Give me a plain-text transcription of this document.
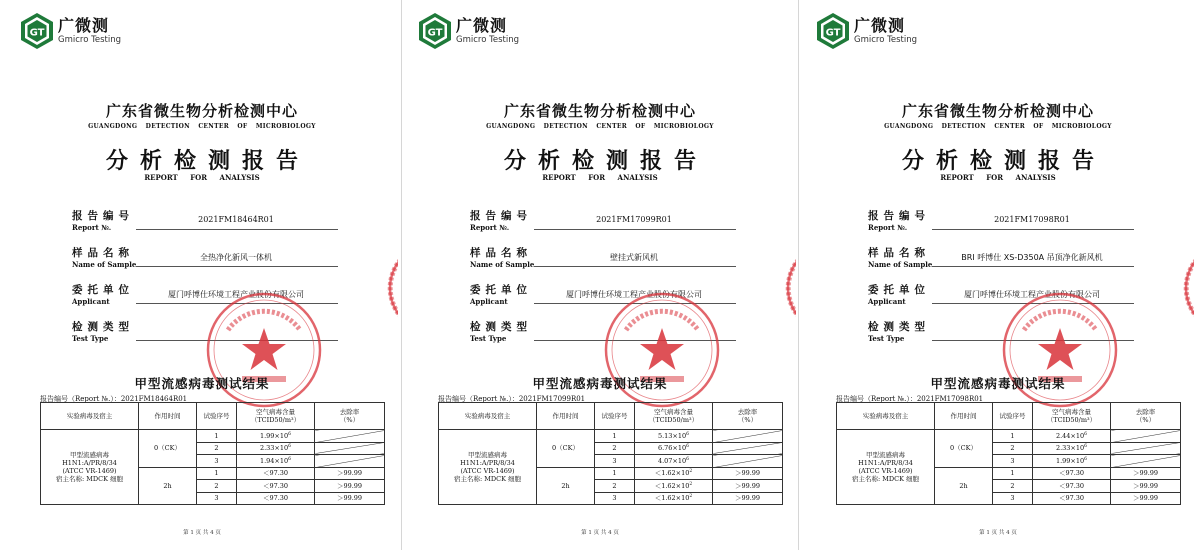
GT 广微测
Gmicro Testing
广东省微生物分析检测中心
GUANGDONG DETECTION CENTER OF MICROBIOLOGY
分析检测报告
REPORT FOR ANALYSIS
报告编号
Report №.
2021FM18464R01
样品名称
Name of Sample
全热净化新风一体机
委托单位
Applicant
厦门呼博仕环境工程产业股份有限公司
检测类型
Test Type
甲型流感病毒测试结果
报告编号（Report №.）：2021FM18464R01
实验病毒及宿主	作用时间	试验序号	空气病毒含量
（TCID50/m³）	去除率
（%）

甲型流感病毒
H1N1:A/PR/8/34
(ATCC VR-1469)
宿主名称: MDCK 细胞	0（CK）	1	$1.99\times 10^6$	
		2	$2.33\times 10^6$	
		3	$1.94\times 10^6$	
	2h	1	＜97.30	＞99.99
		2	＜97.30	＞99.99
		3	＜97.30	＞99.99
第 1 页 共 4 页
GT 广微测
Gmicro Testing
广东省微生物分析检测中心
GUANGDONG DETECTION CENTER OF MICROBIOLOGY
分析检测报告
REPORT FOR ANALYSIS
报告编号
Report №.
2021FM17099R01
样品名称
Name of Sample
壁挂式新风机
委托单位
Applicant
厦门呼博仕环境工程产业股份有限公司
检测类型
Test Type
甲型流感病毒测试结果
报告编号（Report №.）：2021FM17099R01
实验病毒及宿主	作用时间	试验序号	空气病毒含量
（TCID50/m³）	去除率
（%）

甲型流感病毒
H1N1:A/PR/8/34
(ATCC VR-1469)
宿主名称: MDCK 细胞	0（CK）	1	$5.13\times 10^6$	
		2	$6.76\times 10^6$	
		3	$4.07\times 10^6$	
	2h	1	$<1.62\times 10^2$	＞99.99
		2	$<1.62\times 10^2$	＞99.99
		3	$<1.62\times 10^2$	＞99.99
第 1 页 共 4 页
GT 广微测
Gmicro Testing
广东省微生物分析检测中心
GUANGDONG DETECTION CENTER OF MICROBIOLOGY
分析检测报告
REPORT FOR ANALYSIS
报告编号
Report №.
2021FM17098R01
样品名称
Name of Sample
BRI 呼博仕 XS-D350A 吊顶净化新风机
委托单位
Applicant
厦门呼博仕环境工程产业股份有限公司
检测类型
Test Type
甲型流感病毒测试结果
报告编号（Report №.）：2021FM17098R01
实验病毒及宿主	作用时间	试验序号	空气病毒含量
（TCID50/m³）	去除率
（%）

甲型流感病毒
H1N1:A/PR/8/34
(ATCC VR-1469)
宿主名称: MDCK 细胞	0（CK）	1	$2.44\times 10^6$	
		2	$2.33\times 10^6$	
		3	$1.99\times 10^6$	
	2h	1	＜97.30	＞99.99
		2	＜97.30	＞99.99
		3	＜97.30	＞99.99
第 1 页 共 4 页
